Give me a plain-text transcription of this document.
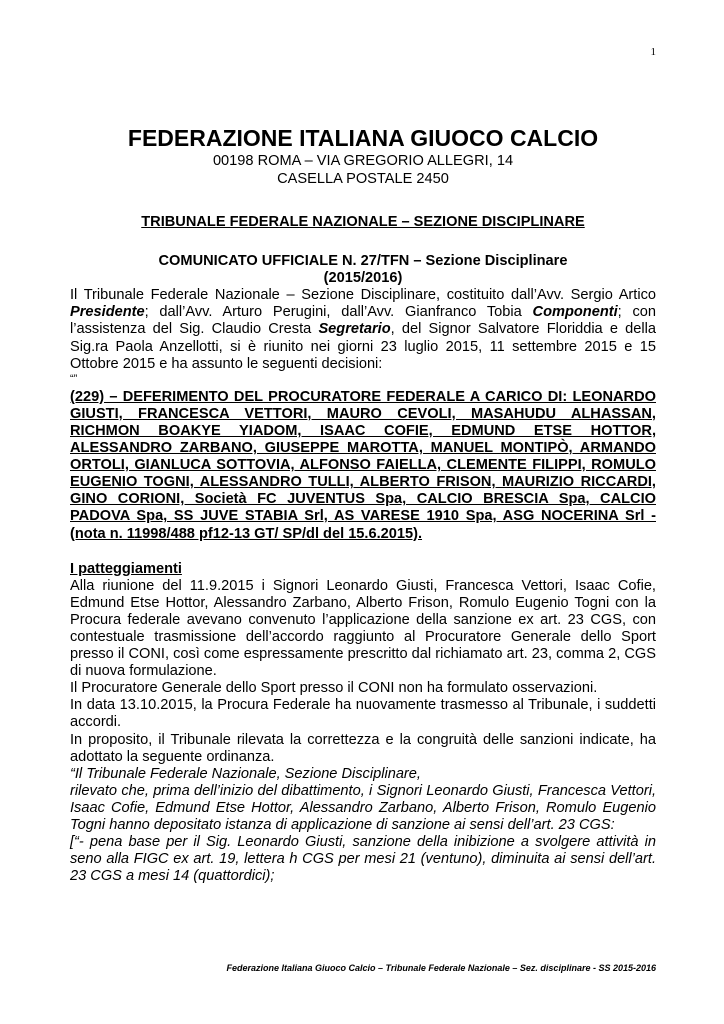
1

FEDERAZIONE ITALIANA GIUOCO CALCIO

00198 ROMA – VIA GREGORIO ALLEGRI, 14

CASELLA POSTALE 2450

TRIBUNALE FEDERALE NAZIONALE – SEZIONE DISCIPLINARE

COMUNICATO UFFICIALE N. 27/TFN – Sezione Disciplinare

(2015/2016)

Il Tribunale Federale Nazionale – Sezione Disciplinare, costituito dall’Avv. Sergio Artico Presidente; dall’Avv. Arturo Perugini, dall’Avv. Gianfranco Tobia Componenti; con l’assistenza del Sig. Claudio Cresta Segretario, del Signor Salvatore Floriddia e della Sig.ra Paola Anzellotti, si è riunito nei giorni 23 luglio 2015, 11 settembre 2015 e 15 Ottobre 2015 e ha assunto le seguenti decisioni:

“”

(229) – DEFERIMENTO DEL PROCURATORE FEDERALE A CARICO DI: LEONARDO GIUSTI, FRANCESCA VETTORI, MAURO CEVOLI, MASAHUDU ALHASSAN, RICHMON BOAKYE YIADOM, ISAAC COFIE, EDMUND ETSE HOTTOR, ALESSANDRO ZARBANO, GIUSEPPE MAROTTA, MANUEL MONTIPÒ, ARMANDO ORTOLI, GIANLUCA SOTTOVIA, ALFONSO FAIELLA, CLEMENTE FILIPPI, ROMULO EUGENIO TOGNI, ALESSANDRO TULLI, ALBERTO FRISON, MAURIZIO RICCARDI, GINO CORIONI, Società FC JUVENTUS Spa, CALCIO BRESCIA Spa, CALCIO PADOVA Spa, SS JUVE STABIA Srl, AS VARESE 1910 Spa, ASG NOCERINA Srl - (nota n. 11998/488 pf12-13 GT/ SP/dl del 15.6.2015).

I patteggiamenti

Alla riunione del 11.9.2015 i Signori Leonardo Giusti, Francesca Vettori, Isaac Cofie, Edmund Etse Hottor, Alessandro Zarbano, Alberto Frison, Romulo Eugenio Togni con la Procura federale avevano convenuto l’applicazione della sanzione ex art. 23 CGS, con contestuale trasmissione dell’accordo raggiunto al Procuratore Generale dello Sport presso il CONI, così come espressamente prescritto dal richiamato art. 23, comma 2, CGS di nuova formulazione.

Il Procuratore Generale dello Sport presso il CONI non ha formulato osservazioni.

In data 13.10.2015, la Procura Federale ha nuovamente trasmesso al Tribunale, i suddetti accordi.

In proposito, il Tribunale rilevata la correttezza e la congruità delle sanzioni indicate, ha adottato la seguente ordinanza.

“Il Tribunale Federale Nazionale, Sezione Disciplinare,

rilevato che, prima dell’inizio del dibattimento, i Signori Leonardo Giusti, Francesca Vettori, Isaac Cofie, Edmund Etse Hottor, Alessandro Zarbano, Alberto Frison, Romulo Eugenio Togni hanno depositato istanza di applicazione di sanzione ai sensi dell’art. 23 CGS:

[“- pena base per il Sig. Leonardo Giusti, sanzione della inibizione a svolgere attività in seno alla FIGC ex art. 19, lettera h CGS per mesi 21 (ventuno), diminuita ai sensi dell’art. 23 CGS a mesi 14 (quattordici);

Federazione Italiana Giuoco Calcio – Tribunale Federale Nazionale – Sez. disciplinare - SS 2015-2016
